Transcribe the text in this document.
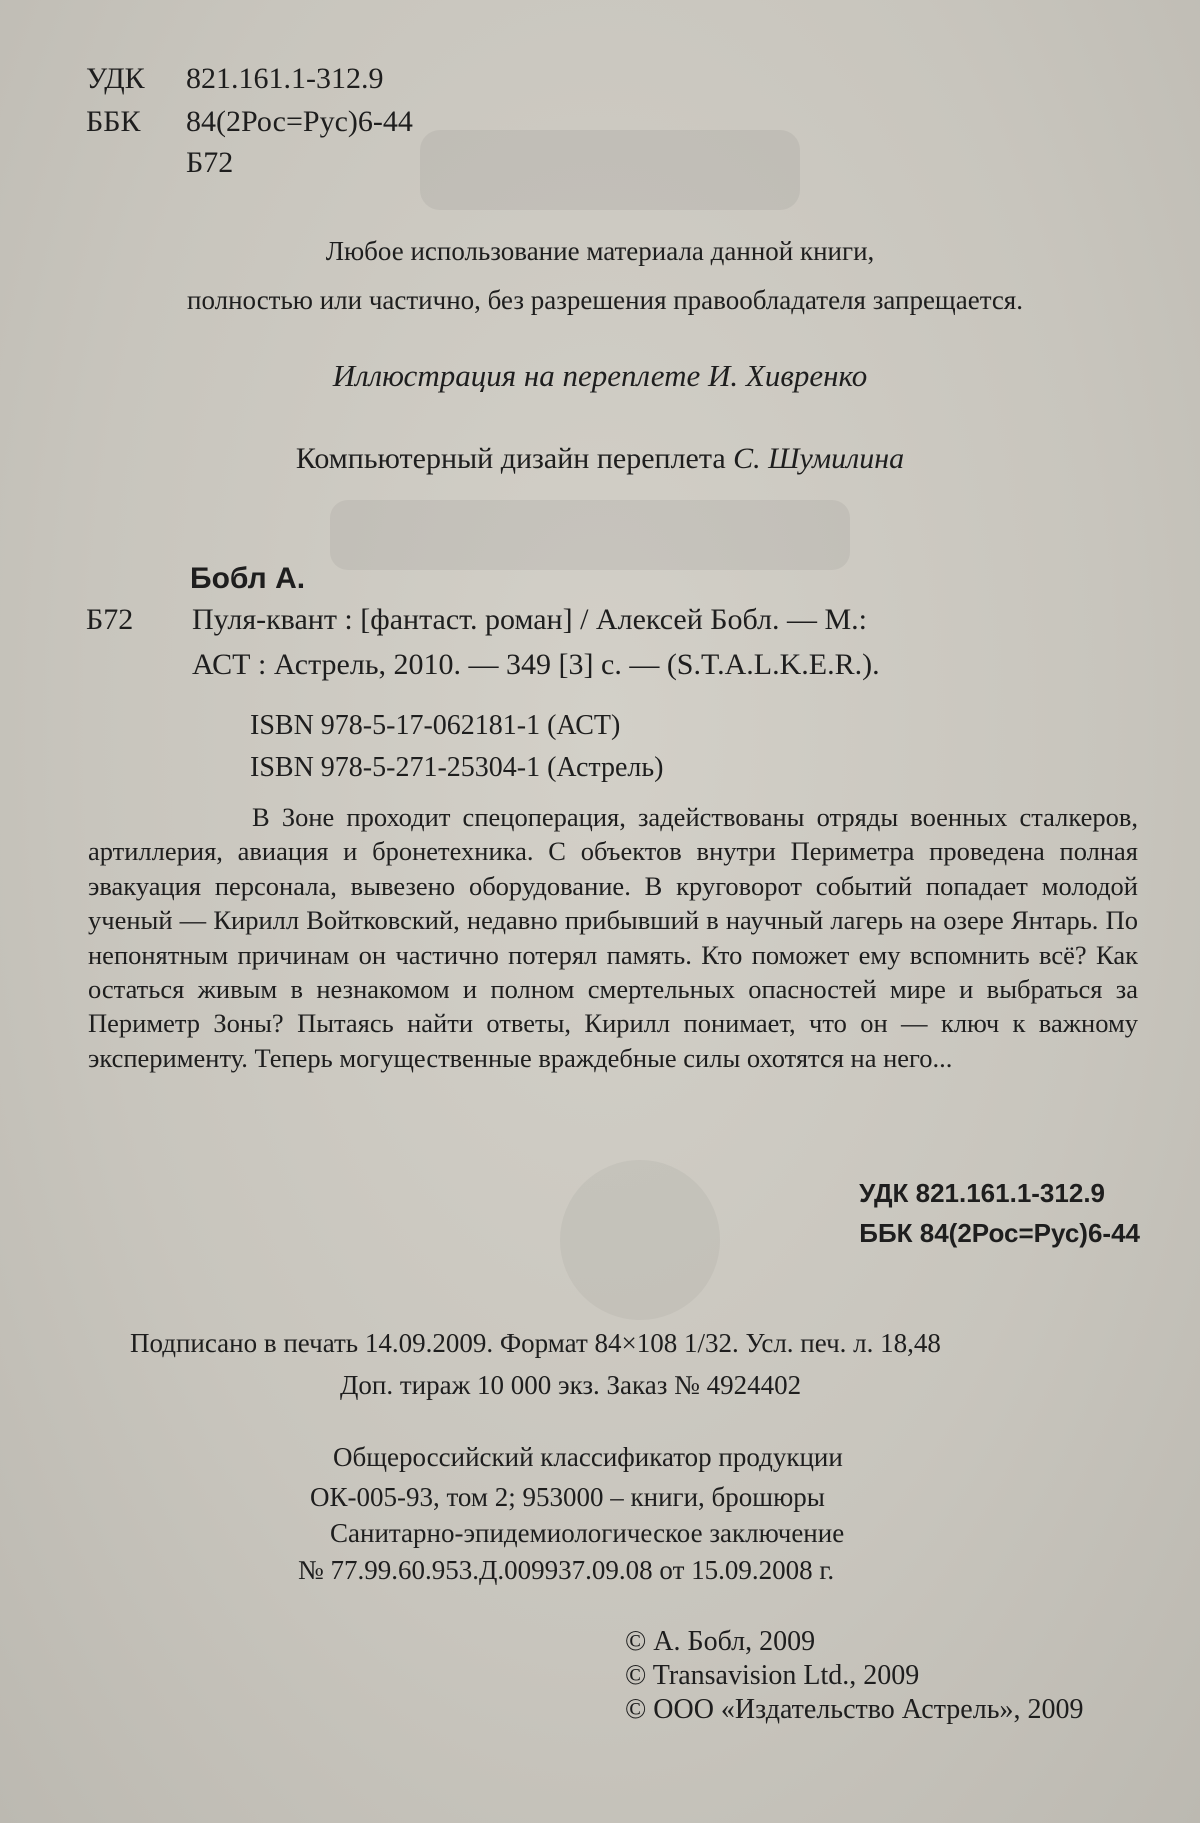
УДК 821.161.1-312.9
ББК 84(2Рос=Рус)6-44
Б72
Любое использование материала данной книги,
полностью или частично, без разрешения правообладателя запрещается.
Иллюстрация на переплете И. Хивренко
Компьютерный дизайн переплета С. Шумилина
Бобл А.
Б72 Пуля-квант : [фантаст. роман] / Алексей Бобл. — М.:
АСТ : Астрель, 2010. — 349 [3] с. — (S.T.A.L.K.E.R.).
ISBN 978-5-17-062181-1 (АСТ)
ISBN 978-5-271-25304-1 (Астрель)

В Зоне проходит спецоперация, задействованы отряды военных сталкеров, артиллерия, авиация и бронетехника. С объектов внутри Периметра проведена полная эвакуация персонала, вывезено оборудование. В круговорот событий попадает молодой ученый — Кирилл Войтковский, недавно прибывший в научный лагерь на озере Янтарь. По непонятным причинам он частично потерял память. Кто поможет ему вспомнить всё? Как остаться живым в незнакомом и полном смертельных опасностей мире и выбраться за Периметр Зоны? Пытаясь найти ответы, Кирилл понимает, что он — ключ к важному эксперименту. Теперь могущественные враждебные силы охотятся на него...

УДК 821.161.1-312.9
ББК 84(2Рос=Рус)6-44
Подписано в печать 14.09.2009. Формат 84×108 1/32. Усл. печ. л. 18,48
Доп. тираж 10 000 экз. Заказ № 4924402
Общероссийский классификатор продукции
ОК-005-93, том 2; 953000 – книги, брошюры
Санитарно-эпидемиологическое заключение
№ 77.99.60.953.Д.009937.09.08 от 15.09.2008 г.
© А. Бобл, 2009
© Transavision Ltd., 2009
© ООО «Издательство Астрель», 2009
